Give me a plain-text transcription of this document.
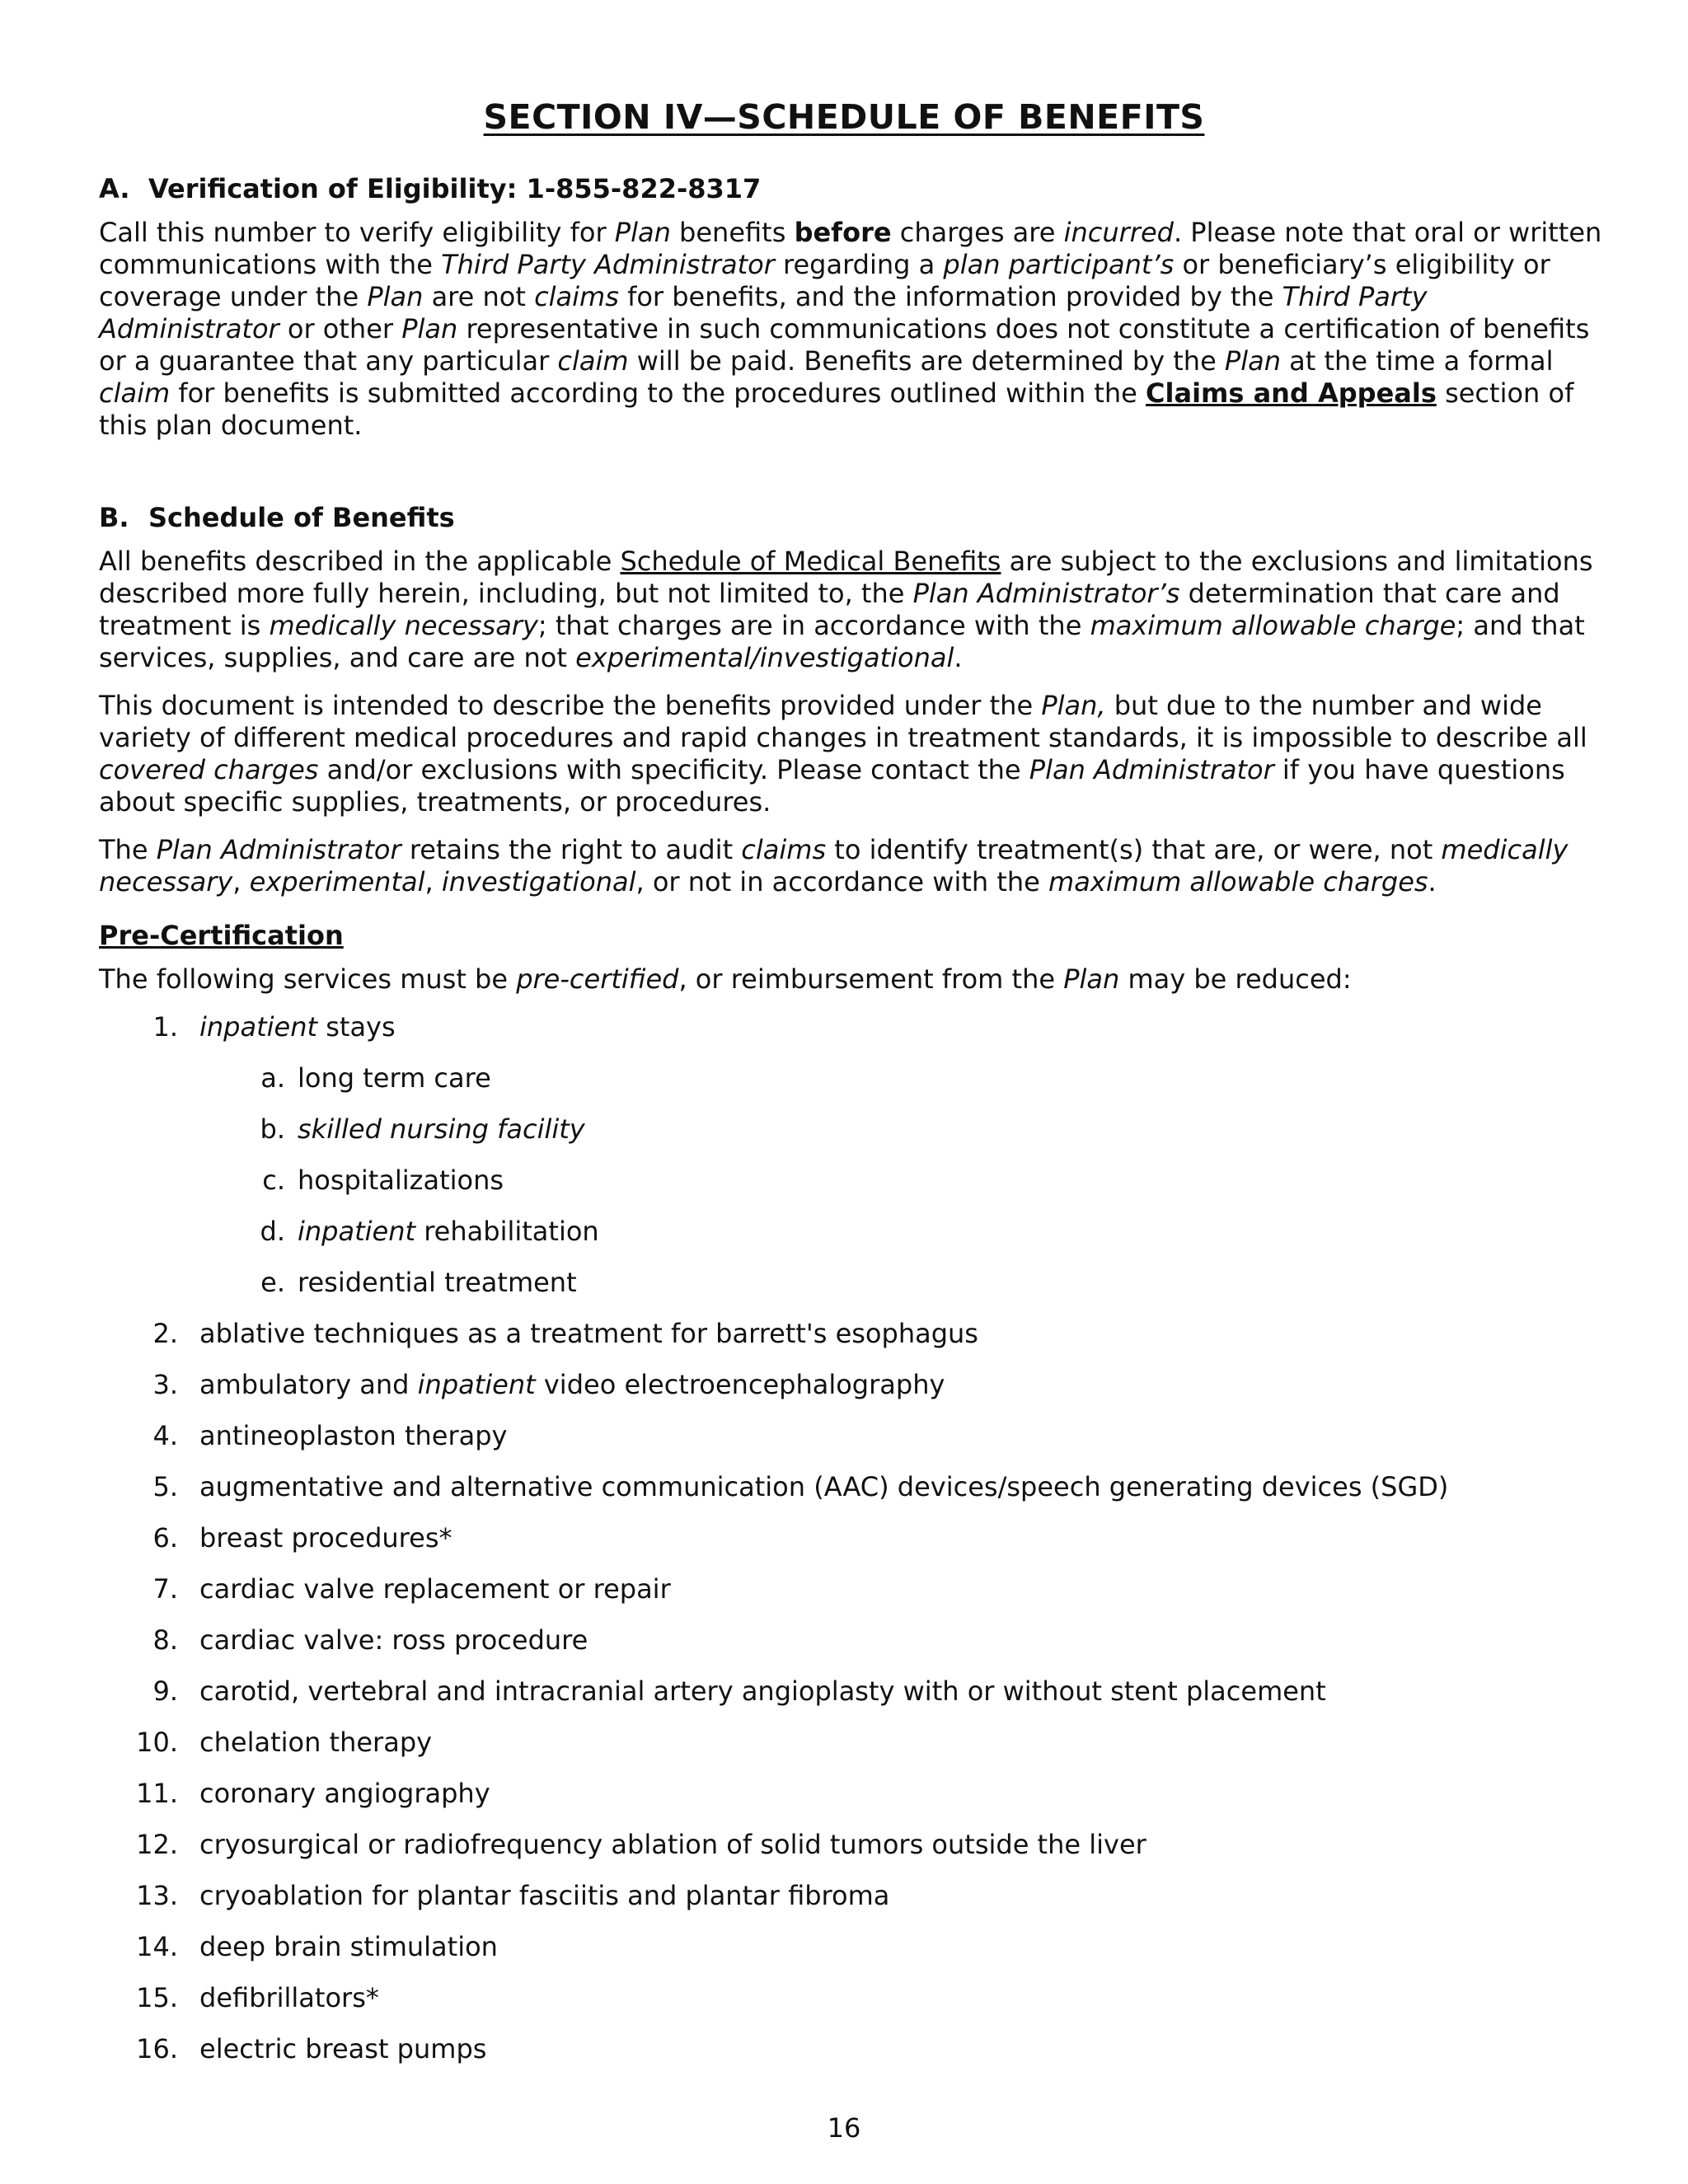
SECTION IV—SCHEDULE OF BENEFITS
A. Verification of Eligibility: 1-855-822-8317

Call this number to verify eligibility for Plan benefits before charges are incurred. Please note that oral or written communications with the Third Party Administrator regarding a plan participant’s or beneficiary’s eligibility or coverage under the Plan are not claims for benefits, and the information provided by the Third Party Administrator or other Plan representative in such communications does not constitute a certification of benefits or a guarantee that any particular claim will be paid. Benefits are determined by the Plan at the time a formal claim for benefits is submitted according to the procedures outlined within the Claims and Appeals section of this plan document.

B. Schedule of Benefits

All benefits described in the applicable Schedule of Medical Benefits are subject to the exclusions and limitations described more fully herein, including, but not limited to, the Plan Administrator’s determination that care and treatment is medically necessary; that charges are in accordance with the maximum allowable charge; and that services, supplies, and care are not experimental/investigational.

This document is intended to describe the benefits provided under the Plan, but due to the number and wide variety of different medical procedures and rapid changes in treatment standards, it is impossible to describe all covered charges and/or exclusions with specificity. Please contact the Plan Administrator if you have questions about specific supplies, treatments, or procedures.

The Plan Administrator retains the right to audit claims to identify treatment(s) that are, or were, not medically necessary, experimental, investigational, or not in accordance with the maximum allowable charges.

Pre-Certification

The following services must be pre-certified, or reimbursement from the Plan may be reduced:

1. inpatient stays
a. long term care
b. skilled nursing facility
c. hospitalizations
d. inpatient rehabilitation
e. residential treatment
2. ablative techniques as a treatment for barrett's esophagus
3. ambulatory and inpatient video electroencephalography
4. antineoplaston therapy
5. augmentative and alternative communication (AAC) devices/speech generating devices (SGD)
6. breast procedures*
7. cardiac valve replacement or repair
8. cardiac valve: ross procedure
9. carotid, vertebral and intracranial artery angioplasty with or without stent placement
10. chelation therapy
11. coronary angiography
12. cryosurgical or radiofrequency ablation of solid tumors outside the liver
13. cryoablation for plantar fasciitis and plantar fibroma
14. deep brain stimulation
15. defibrillators*
16. electric breast pumps
16
